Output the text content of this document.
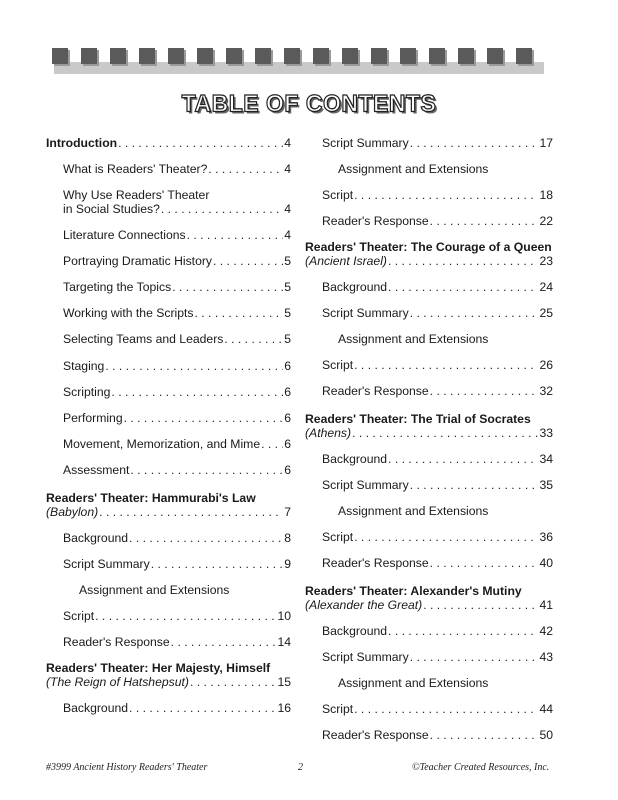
TABLE OF CONTENTS
Introduction . . .	4
What is Readers' Theater? . . .	4
Why Use Readers' Theater
in Social Studies? . . .	4
Literature Connections . . .	4
Portraying Dramatic History . . .	5
Targeting the Topics . . .	5
Working with the Scripts . . .	5
Selecting Teams and Leaders . . .	5
Staging . . .	6
Scripting . . .	6
Performing . . .	6
Movement, Memorization, and Mime . . . 6
Assessment . . .	6
Readers' Theater: Hammurabi's Law
(Babylon) . . .	7
Background . . .	8
Script Summary . . .	9
Assignment and Extensions
Script . . .	10
Reader's Response . . .	14
Readers' Theater: Her Majesty, Himself
(The Reign of Hatshepsut) . . .	15
Background . . .	16
Script Summary . . .	17
Assignment and Extensions
Script . . .	18
Reader's Response . . .	22
Readers' Theater: The Courage of a Queen
(Ancient Israel) . . .	23
Background . . .	24
Script Summary . . .	25
Assignment and Extensions
Script . . .	26
Reader's Response . . .	32
Readers' Theater: The Trial of Socrates
(Athens) . . .	33
Background . . .	34
Script Summary . . .	35
Assignment and Extensions
Script . . .	36
Reader's Response . . .	40
Readers' Theater: Alexander's Mutiny
(Alexander the Great) . . .	41
Background . . .	42
Script Summary . . .	43
Assignment and Extensions
Script . . .	44
Reader's Response . . .	50
#3999 Ancient History Readers' Theater	2	©Teacher Created Resources, Inc.
